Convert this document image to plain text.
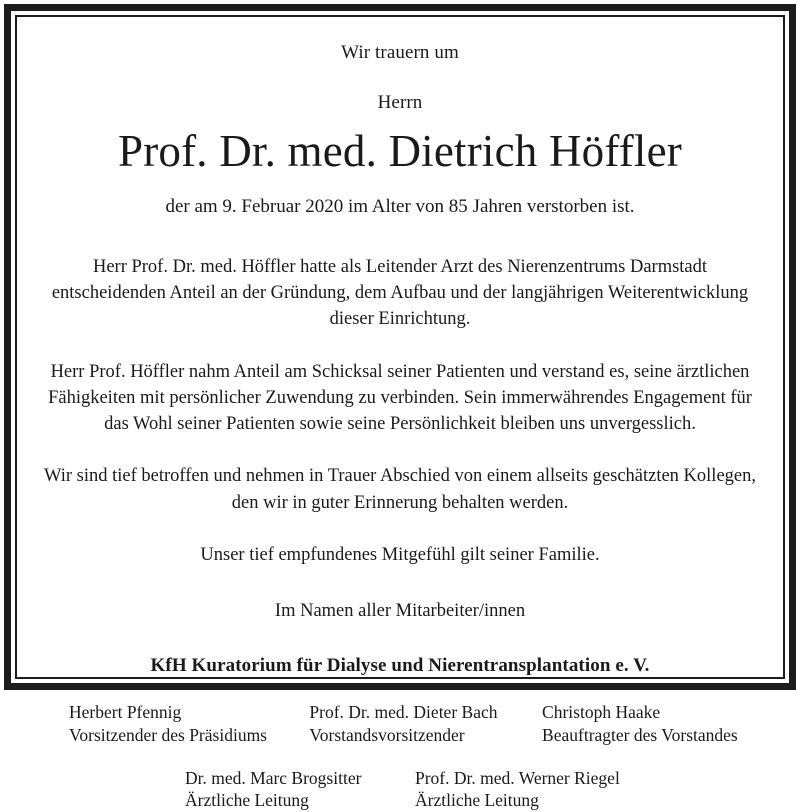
Wir trauern um

Herrn

Prof. Dr. med. Dietrich Höffler

der am 9. Februar 2020 im Alter von 85 Jahren verstorben ist.

Herr Prof. Dr. med. Höffler hatte als Leitender Arzt des Nierenzentrums Darmstadt entscheidenden Anteil an der Gründung, dem Aufbau und der langjährigen Weiterentwicklung dieser Einrichtung.

Herr Prof. Höffler nahm Anteil am Schicksal seiner Patienten und verstand es, seine ärztlichen Fähigkeiten mit persönlicher Zuwendung zu verbinden. Sein immerwährendes Engagement für das Wohl seiner Patienten sowie seine Persönlichkeit bleiben uns unvergesslich.

Wir sind tief betroffen und nehmen in Trauer Abschied von einem allseits geschätzten Kollegen, den wir in guter Erinnerung behalten werden.

Unser tief empfundenes Mitgefühl gilt seiner Familie.

Im Namen aller Mitarbeiter/innen

KfH Kuratorium für Dialyse und Nierentransplantation e. V.

Herbert Pfennig
Vorsitzender des Präsidiums
Prof. Dr. med. Dieter Bach
Vorstandsvorsitzender
Christoph Haake
Beauftragter des Vorstandes
Dr. med. Marc Brogsitter
Ärztliche Leitung
Prof. Dr. med. Werner Riegel
Ärztliche Leitung
